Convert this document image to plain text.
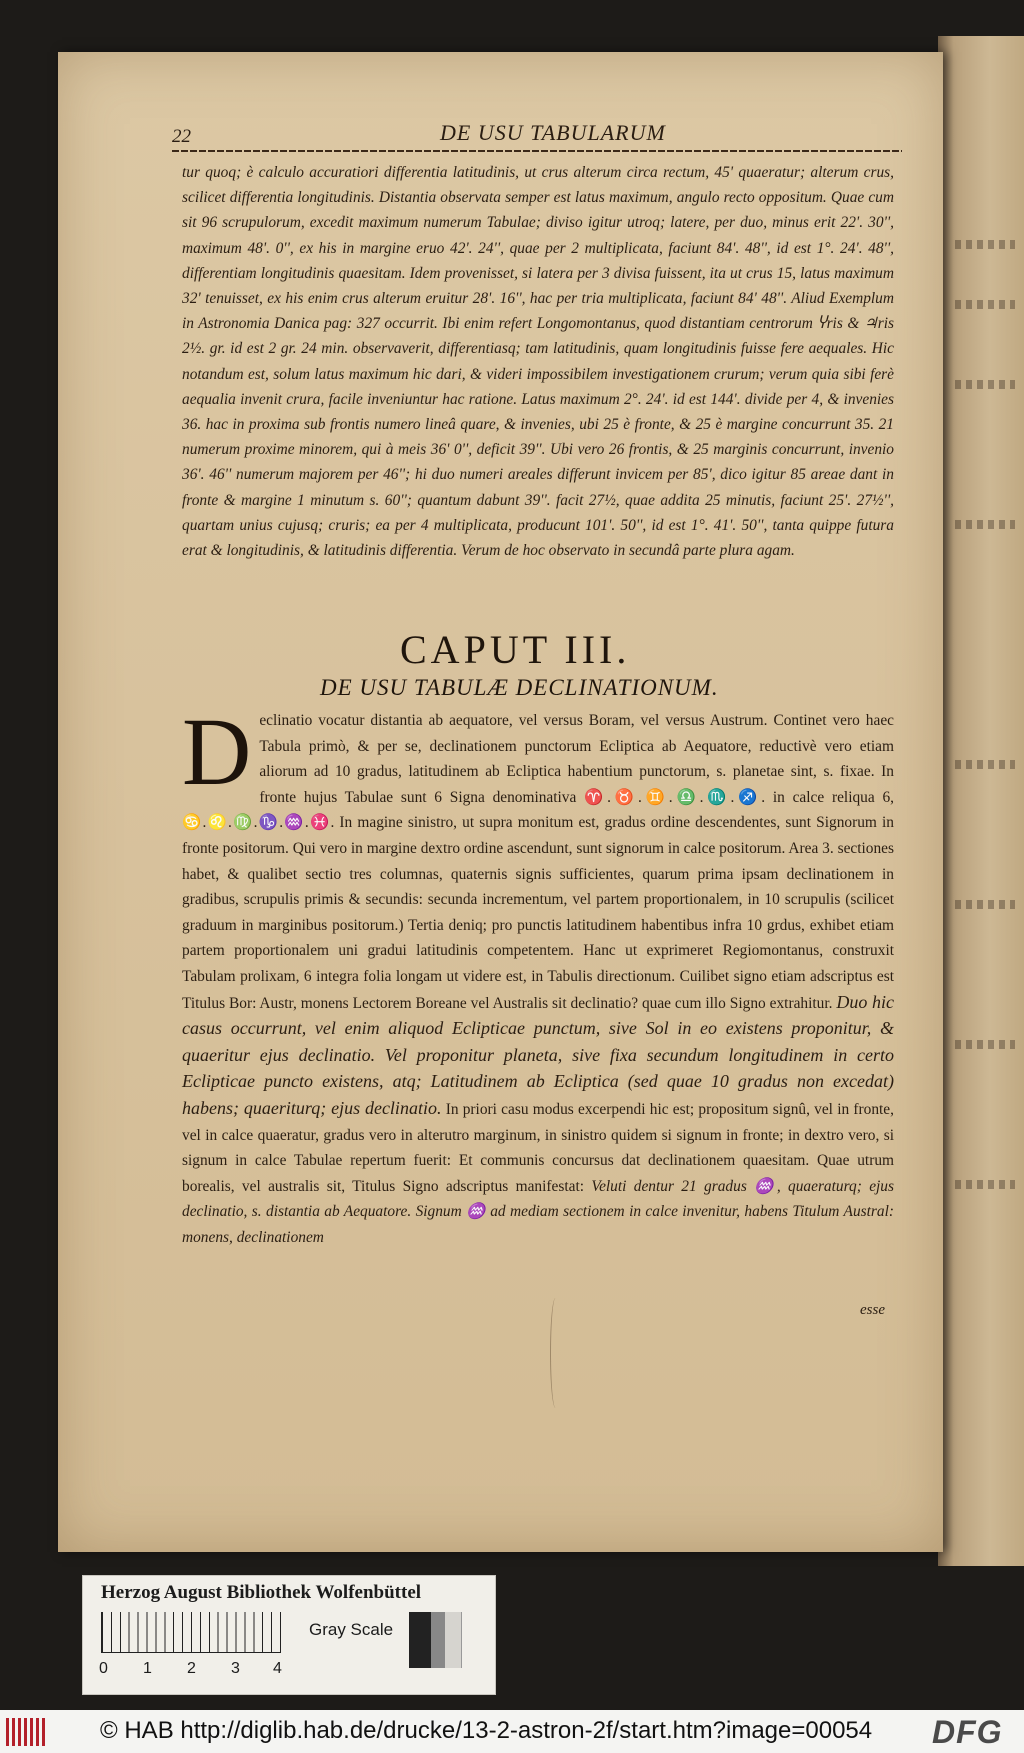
22	DE USU TABULARUM

tur quoq; è calculo accuratiori differentia latitudinis, ut crus alterum circa rectum, 45' quaeratur; alterum crus, scilicet differentia longitudinis. Distantia observata semper est latus maximum, angulo recto oppositum. Quae cum sit 96 scrupulorum, excedit maximum numerum Tabulae; diviso igitur utroq; latere, per duo, minus erit 22'. 30'', maximum 48'. 0'', ex his in margine eruo 42'. 24'', quae per 2 multiplicata, faciunt 84'. 48'', id est 1°. 24'. 48'', differentiam longitudinis quaesitam. Idem provenisset, si latera per 3 divisa fuissent, ita ut crus 15, latus maximum 32' tenuisset, ex his enim crus alterum eruitur 28'. 16'', hac per tria multiplicata, faciunt 84' 48''. Aliud Exemplum in Astronomia Danica pag: 327 occurrit. Ibi enim refert Longomontanus, quod distantiam centrorum Ⴤris & ♃ris 2½. gr. id est 2 gr. 24 min. observaverit, differentiasq; tam latitudinis, quam longitudinis fuisse fere aequales. Hic notandum est, solum latus maximum hic dari, & videri impossibilem investigationem crurum; verum quia sibi ferè aequalia invenit crura, facile inveniuntur hac ratione. Latus maximum 2°. 24'. id est 144'. divide per 4, & invenies 36. hac in proxima sub frontis numero lineâ quare, & invenies, ubi 25 è fronte, & 25 è margine concurrunt 35. 21 numerum proxime minorem, qui à meis 36' 0'', deficit 39''. Ubi vero 26 frontis, & 25 marginis concurrunt, invenio 36'. 46'' numerum majorem per 46''; hi duo numeri areales differunt invicem per 85', dico igitur 85 areae dant in fronte & margine 1 minutum s. 60''; quantum dabunt 39''. facit 27½, quae addita 25 minutis, faciunt 25'. 27½'', quartam unius cujusq; cruris; ea per 4 multiplicata, producunt 101'. 50'', id est 1°. 41'. 50'', tanta quippe futura erat & longitudinis, & latitudinis differentia. Verum de hoc observato in secundâ parte plura agam.

CAPUT III.
DE USU TABULÆ DECLINATIONUM.

Declinatio vocatur distantia ab aequatore, vel versus Boram, vel versus Austrum. Continet vero haec Tabula primò, & per se, declinationem punctorum Ecliptica ab Aequatore, reductivè vero etiam aliorum ad 10 gradus, latitudinem ab Ecliptica habentium punctorum, s. planetae sint, s. fixae. In fronte hujus Tabulae sunt 6 Signa denominativa ♈.♉.♊.♎.♏.♐. in calce reliqua 6, ♋.♌.♍.♑.♒.♓. In magine sinistro, ut supra monitum est, gradus ordine descendentes, sunt Signorum in fronte positorum. Qui vero in margine dextro ordine ascendunt, sunt signorum in calce positorum. Area 3. sectiones habet, & qualibet sectio tres columnas, quaternis signis sufficientes, quarum prima ipsam declinationem in gradibus, scrupulis primis & secundis: secunda incrementum, vel partem proportionalem, in 10 scrupulis (scilicet graduum in marginibus positorum.) Tertia deniq; pro punctis latitudinem habentibus infra 10 grdus, exhibet etiam partem proportionalem uni gradui latitudinis competentem. Hanc ut exprimeret Regiomontanus, construxit Tabulam prolixam, 6 integra folia longam ut videre est, in Tabulis directionum. Cuilibet signo etiam adscriptus est Titulus Bor: Austr, monens Lectorem Boreane vel Australis sit declinatio? quae cum illo Signo extrahitur. Duo hic casus occurrunt, vel enim aliquod Eclipticae punctum, sive Sol in eo existens proponitur, & quaeritur ejus declinatio. Vel proponitur planeta, sive fixa secundum longitudinem in certo Eclipticae puncto existens, atq; Latitudinem ab Ecliptica (sed quae 10 gradus non excedat) habens; quaeriturq; ejus declinatio. In priori casu modus excerpendi hic est; propositum signû, vel in fronte, vel in calce quaeratur, gradus vero in alterutro marginum, in sinistro quidem si signum in fronte; in dextro vero, si signum in calce Tabulae repertum fuerit: Et communis concursus dat declinationem quaesitam. Quae utrum borealis, vel australis sit, Titulus Signo adscriptus manifestat: Veluti dentur 21 gradus ♒, quaeraturq; ejus declinatio, s. distantia ab Aequatore. Signum ♒ ad mediam sectionem in calce invenitur, habens Titulum Austral: monens, declinationem

esse

Herzog August Bibliothek Wolfenbüttel

0 1 2 3 4
Gray Scale

© HAB http://diglib.hab.de/drucke/13-2-astron-2f/start.htm?image=00054 DFG
